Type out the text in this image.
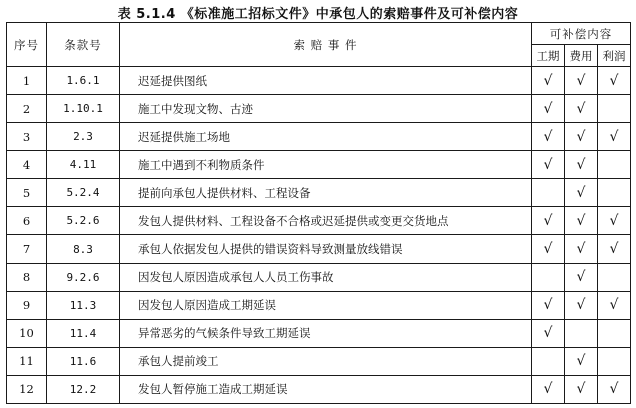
表 5.1.4 《标准施工招标文件》中承包人的索赔事件及可补偿内容
序号	条款号	索 赔 事 件	可补偿内容		
			工期	费用	利润
1	1.6.1	迟延提供图纸	√	√	√
2	1.10.1	施工中发现文物、古迹	√	√	
3	2.3	迟延提供施工场地	√	√	√
4	4.11	施工中遇到不利物质条件	√	√	
5	5.2.4	提前向承包人提供材料、工程设备		√	
6	5.2.6	发包人提供材料、工程设备不合格或迟延提供或变更交货地点	√	√	√
7	8.3	承包人依据发包人提供的错误资料导致测量放线错误	√	√	√
8	9.2.6	因发包人原因造成承包人人员工伤事故		√	
9	11.3	因发包人原因造成工期延误	√	√	√
10	11.4	异常恶劣的气候条件导致工期延误	√		
11	11.6	承包人提前竣工		√	
12	12.2	发包人暂停施工造成工期延误	√	√	√
